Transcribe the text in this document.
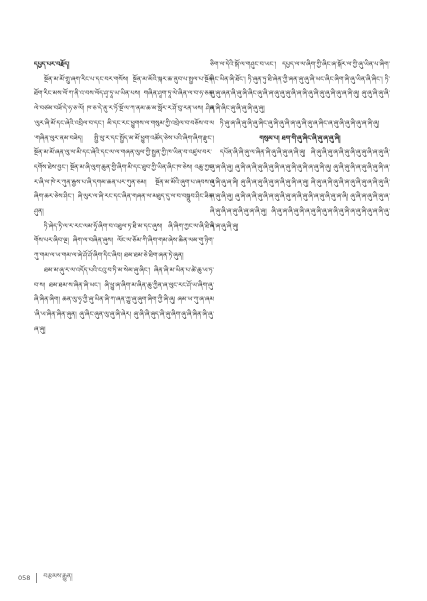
དཔྱད་པར་བརྗོད།

སྔོན་མ་མོ་གྲུ་ཞག་རིང་པ་དང་བར་གསོས། སྔོན་མ་མོའི་སྐར་ཆ་ནུབ་པ་སྤྱལ་པ་སྔོན་ཐོག་རིང་མས་ལོ་ཀ་ནི་འ་བས་ལོད་ཤྭ་ཏཱ་ཡ་ཡིན་པས། གཞིན་ཤཱག་ཏཱ་ལེ་ཞིན་ལ་བ་ཧ་ཅན་ལེ་བཙམ་བཟོ་དེ་ཧ་ཅ་ལོ། ཁ་ཅ་དེ་ནུ་ར་ཏོ་སྔོ་ལ་ཀ་ནམ་ཆ་མ་སློར་ར་ཤོ་བུ་རན་ཡས། ཤིན་ལུར་ཞི་མོ་དང་ཞེའི་འབྲིལ་བ་དང་། མི་དང་རང་ཕྱུགས་ལ་གསུམ་ཀྱི་འབྲེལ་བ་བཅོས་བ་ལ་གཞིན་ལུར་ནམ་བཟེད། སྤྱི་ལུ་ར་དང་སྤྱོད་མ་མོ་ཕྱུག་འཚོད་ཅེས་པའི་ཞིག་ཞིག་རྫུང་། སྔོན་མ་མོ་ཞན་ལུ་ལ་མི་དང་ཞེའི་དང་ལ་ལ་གཞན་ལུལ་ཀྱི་སྤྱན་ཀྱི་ཁ་ཡིན་བ་འཛུལ་བར་དགོས་ཐེས་བྱང་། སྔོན་མ་ཞི་ལུག་ཆུན་གྱི་ཞིག་མི་དང་ཐུབ་ཀྱི་ཡིན་ཞིང་ཁ་ཅེས། འཆུ་ཀྱང་ར་ཞི་ལ་ཁེ་ར་ཀུན་རྒྱས་པ་ཞི་དགམ་ཆན་པར་ཀུན་ཅམ། སྔོན་མ་མོའི་ཞུག་པ་ཞབས་འཞིག་ཆར་ཅེས་ཤིང་། ཞི་ལུར་ལ་ཞི་རང་དང་ཞིན་གཞན་ལ་མཐུད་དུ་ལ་བ་བསྒྲུབ་ཤིང་ཟིན་ཤུན།

ཏི་ཞེད་ཏི་ལ་ར་རང་ལམ་ཧྭོ་ཞིག་བ་འཐུལ་ཏ་ཐི་མ་དང་ཞུས། ཞི་ཞིག་ཀྱང་ལ་ཞི་ཐི་དགོས་པར་ཞིབ་ལྔ། ཞིག་ལ་བཞིན་ཞུས། ལོང་ལ་ཅོམ་ཀི་ཞིག་གམ་ཞེས་ཆིན་ལམ་གུ་ཉིག་ཀུ་གམ་ལ་ཡ་གམ་ལ་ཞེ་ཤོ་ཤོ་ཞིག་དིང་ཞིབ། ཐམ་ཐམ་ཅེ་ཐིག་ཞན་ཏེ་ཞུན།

ཐམ་མ་ཞུ་ར་ལ་འདོད་པའི་ངའུ་བ་ཏི་མ་སེམ་ཞུ་ཞིང་། ཞིན་ཞི་མ་ཡིན་པ་ཚེ་ཆུ་ཡ་ཏ་བ་ས། ཐམ་ཐམ་ས་ཞིན་ཞི་ཡང་། ཞི་ཕྱུ་ཞ་ཞིག་མ་ཞིན་ཆུ་ཀྱིན་ཞ་ལུང་རང་ཤོ་ཡ་ཞིག་ཞུ་ཞི་ཞིན་ཞིག། ཆན་ལུ་ཧྭ་ཀྱི་ཞུ་ཡིན་ཞི་ཀ་ཞན་ཀྱུ་ཞུ་ཞུག་ཞིག་ཀྱི་ཞི་ཞུ། ཞམ་ཡ་ཀུ་ཞ་ཞམ་ཞི་ཡ་ཞིན་ཞིན་ཞུན། ཞུ་ཞིང་ཞུན་ལུ་ཞུ་ཞི་ཞེར། ཞུ་ཞི་ཞི་ཞུད་ཞི་ཞུ་ཞིག་ཞུ་ཞི་ཞིན་ཞི་ཞུ་ཞ་ཞུ།

ཅིག་ལ་དེའི་སྐོ་ལ་གཤུང་བ་ཡང་། དཔྱད་ལ་ལ་ཞིག་ཀྱི་ཞིང་ཞ་སྐོར་ལ་ཀྱི་ཞུ་ཡིན་པ་ཞིག་ཞིང་ཡིན་ཞི་ཐོང་། ཏི་ཞུན་ཏུ་ཐི་ཞེན་ཀྱི་ཞན་ཞུ་ཞུ་ཞི་ཡང་ཞིང་ཞིག་ཞི་ཞུ་ཡིན་ཞི་ཞིང་། ཏི་ཞུ་ཞུ་ཞན་ཞི་ཞུ་ཞི་ཞིང་ཞུ་ཞི་ཞ་ཞུ་ཞུ་ཞུ་ཞི་ཞ་ཞི་ཞུ་ཞི་ཞུ་ཞུ་ཞི་ཞུ་ཞ་ཞི་ཞུ། ཞུ་ཞུ་ཞི་ཞུ་ཞི་ཞ་ཞི་ཞིང་ཞུ་ཞི་ཞུ་ཞི་ཞུ་ཞུ།

ཏི་ཞུ་ཞ་ཞི་ཞུ་ཞི་ཞུ་ཞིང་ཞུ་ཞི་ཞུ་ཞི་ཞ་ཞུ་ཞི་ཞུ་ཞ་ཞིང་ཞ་ཞུ་ཞི་ཞུ་ཞི་ཞུ་ཞ་ཞི་ཞུ།

གསུམ་པ། ཐག་གི་ཞུ་ཞིང་ཞི་ཞུ་ཞ་ཞུ་ཞི།

དཔོན་ཞི་ཞི་ཞུ་ལ་ཞིན་ཞི་ཞུ་ཞི་ཞུ་ཞ་ཞི་ཞུ། ཞི་ཞུ་ཞི་ཞུ་ཞ་ཞི་ཞུ་ཞི་ཞུ་ཞུ་ཞི་ཞ་ཞུ་ཞི་ཞུ་ཞ་ཞི་ཞུ། ཞུ་ཞི་ཞ་ཞི་ཞུ་ཞི་ཞུ་ཞི་ཞ་ཞུ་ཞི་ཞུ་ཞི་ཞ་ཞུ་ཞི་ཞུ། ཞུ་ཞི་ཞུ་ཞི་ཞ་ཞུ་ཞི་ཞུ་ཞི་ཞ་ཞུ་ཞི་ཞུ་ཞ་ཞི། ཞུ་ཞི་ཞ་ཞུ་ཞི་ཞུ་ཞ་ཞི་ཞུ་ཞི་ཞ་ཞུ། ཞི་ཞུ་ཞ་ཞི་ཞུ་ཞི་ཞ་ཞུ་ཞི་ཞུ་ཞ་ཞི་ཞུ་ཞི་ཞ་ཞུ་ཞི་ཞུ། ཞུ་ཞི་ཞ་ཞི་ཞུ་ཞི་ཞ་ཞུ་ཞི་ཞུ་ཞ་ཞི་ཞུ་ཞི་ཞ་ཞུ་ཞི་ཞུ་ཞ་ཞི། ཞུ་ཞི་ཞ་ཞུ་ཞི་ཞུ་ཞ་ཞི་ཞུ་ཞི་ཞ་ཞུ་ཞི་ཞུ་ཞ་ཞི་ཞུ། ཞི་ཞུ་ཞ་ཞི་ཞུ་ཞི་ཞ་ཞུ་ཞི་ཞུ་ཞ་ཞི་ཞུ་ཞི་ཞ་ཞུ་ཞི་ཞུ་ཞ་ཞི་ཞུ་ཞི་ཞ་ཞུ་ཞི་ཞུ།

058 བརྩམས་རྒྱུན།
